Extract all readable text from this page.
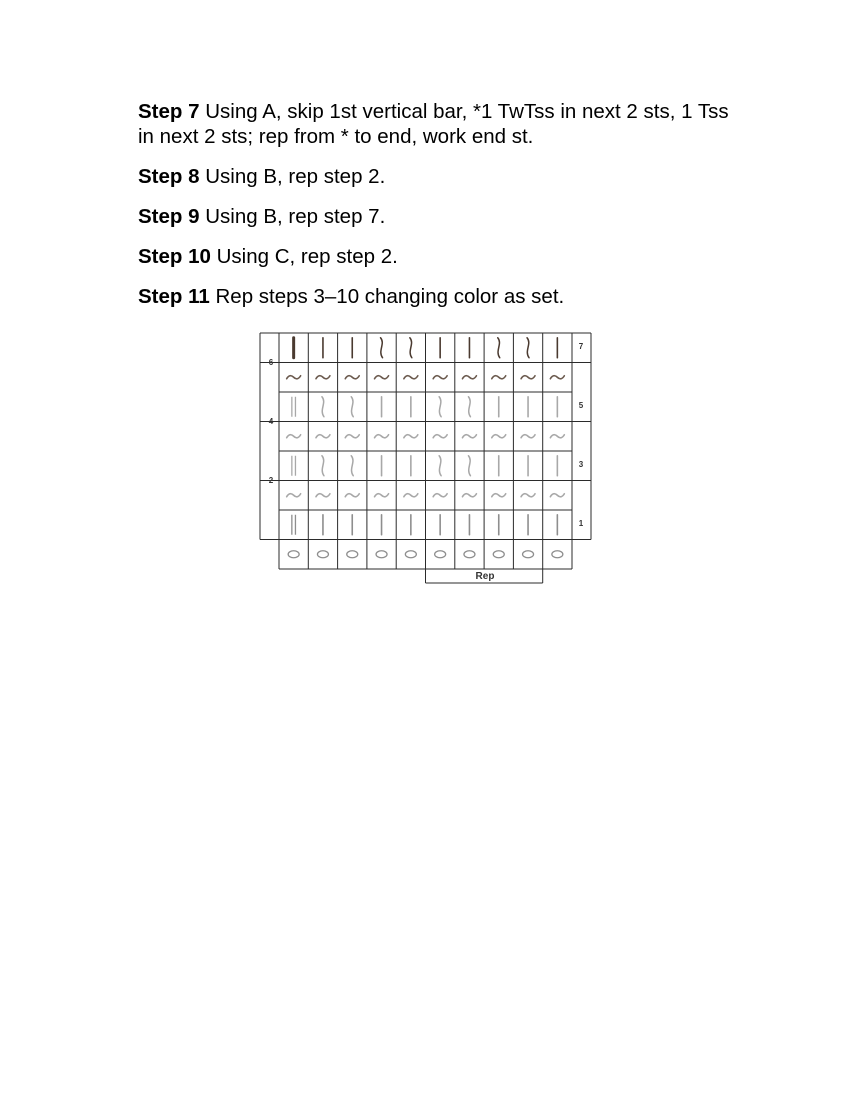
Step 7 Using A, skip 1st vertical bar, *1 TwTss in next 2 sts, 1 Tss in next 2 sts; rep from * to end, work end st.

Step 8 Using B, rep step 2.

Step 9 Using B, rep step 7.

Step 10 Using C, rep step 2.

Step 11 Rep steps 3–10 changing color as set.

6
4
2
7
5
3
1
Rep
